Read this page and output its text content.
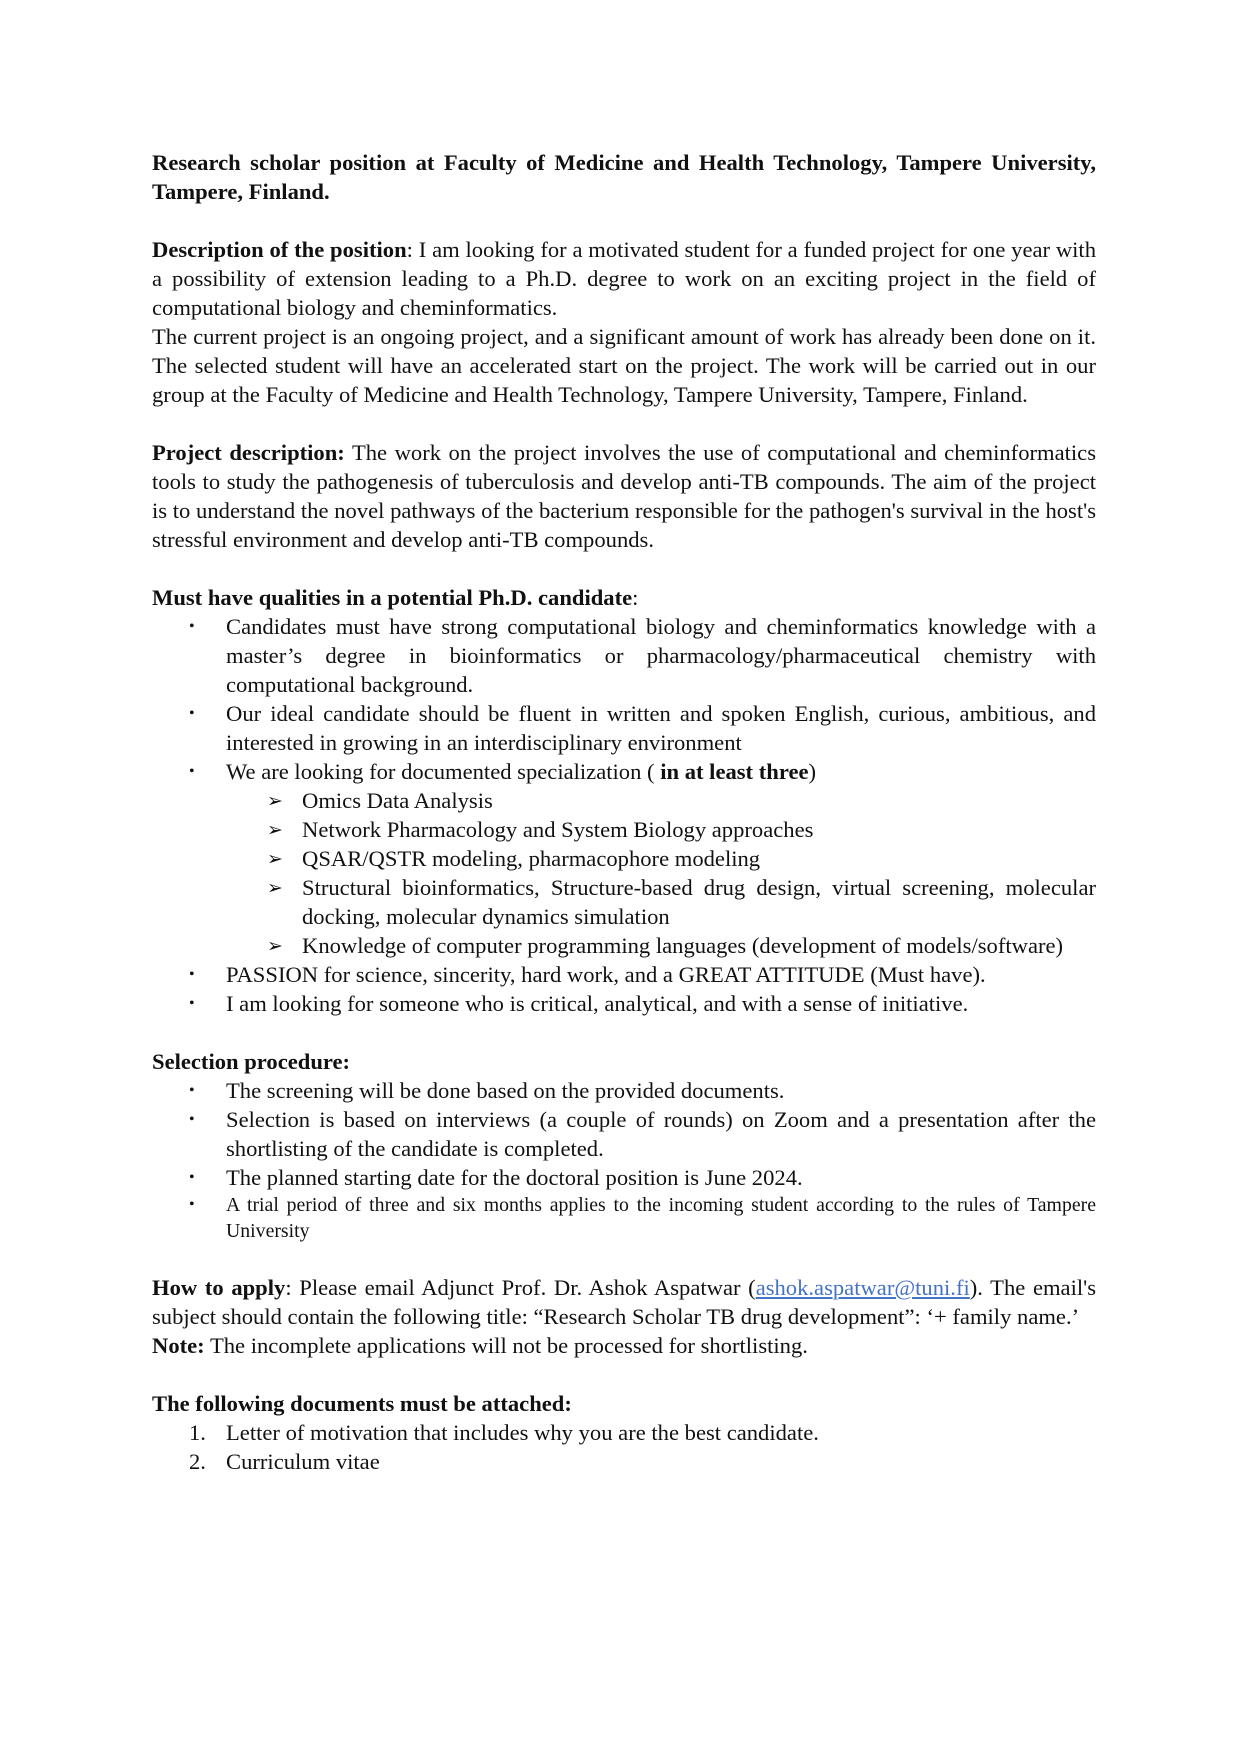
Research scholar position at Faculty of Medicine and Health Technology, Tampere University, Tampere, Finland.

Description of the position: I am looking for a motivated student for a funded project for one year with a possibility of extension leading to a Ph.D. degree to work on an exciting project in the field of computational biology and cheminformatics.

The current project is an ongoing project, and a significant amount of work has already been done on it. The selected student will have an accelerated start on the project. The work will be carried out in our group at the Faculty of Medicine and Health Technology, Tampere University, Tampere, Finland.

Project description: The work on the project involves the use of computational and cheminformatics tools to study the pathogenesis of tuberculosis and develop anti-TB compounds. The aim of the project is to understand the novel pathways of the bacterium responsible for the pathogen's survival in the host's stressful environment and develop anti-TB compounds.

Must have qualities in a potential Ph.D. candidate:

• Candidates must have strong computational biology and cheminformatics knowledge with a master’s degree in bioinformatics or pharmacology/pharmaceutical chemistry with computational background.
• Our ideal candidate should be fluent in written and spoken English, curious, ambitious, and interested in growing in an interdisciplinary environment
• We are looking for documented specialization ( in at least three)
➢ Omics Data Analysis
➢ Network Pharmacology and System Biology approaches
➢ QSAR/QSTR modeling, pharmacophore modeling
➢ Structural bioinformatics, Structure-based drug design, virtual screening, molecular docking, molecular dynamics simulation
➢ Knowledge of computer programming languages (development of models/software)
• PASSION for science, sincerity, hard work, and a GREAT ATTITUDE (Must have).
• I am looking for someone who is critical, analytical, and with a sense of initiative.

Selection procedure:

• The screening will be done based on the provided documents.
• Selection is based on interviews (a couple of rounds) on Zoom and a presentation after the shortlisting of the candidate is completed.
• The planned starting date for the doctoral position is June 2024.
• A trial period of three and six months applies to the incoming student according to the rules of Tampere University

How to apply: Please email Adjunct Prof. Dr. Ashok Aspatwar (ashok.aspatwar@tuni.fi). The email's subject should contain the following title: “Research Scholar TB drug development”: ‘+ family name.’

Note: The incomplete applications will not be processed for shortlisting.

The following documents must be attached:

1. Letter of motivation that includes why you are the best candidate.
2. Curriculum vitae
